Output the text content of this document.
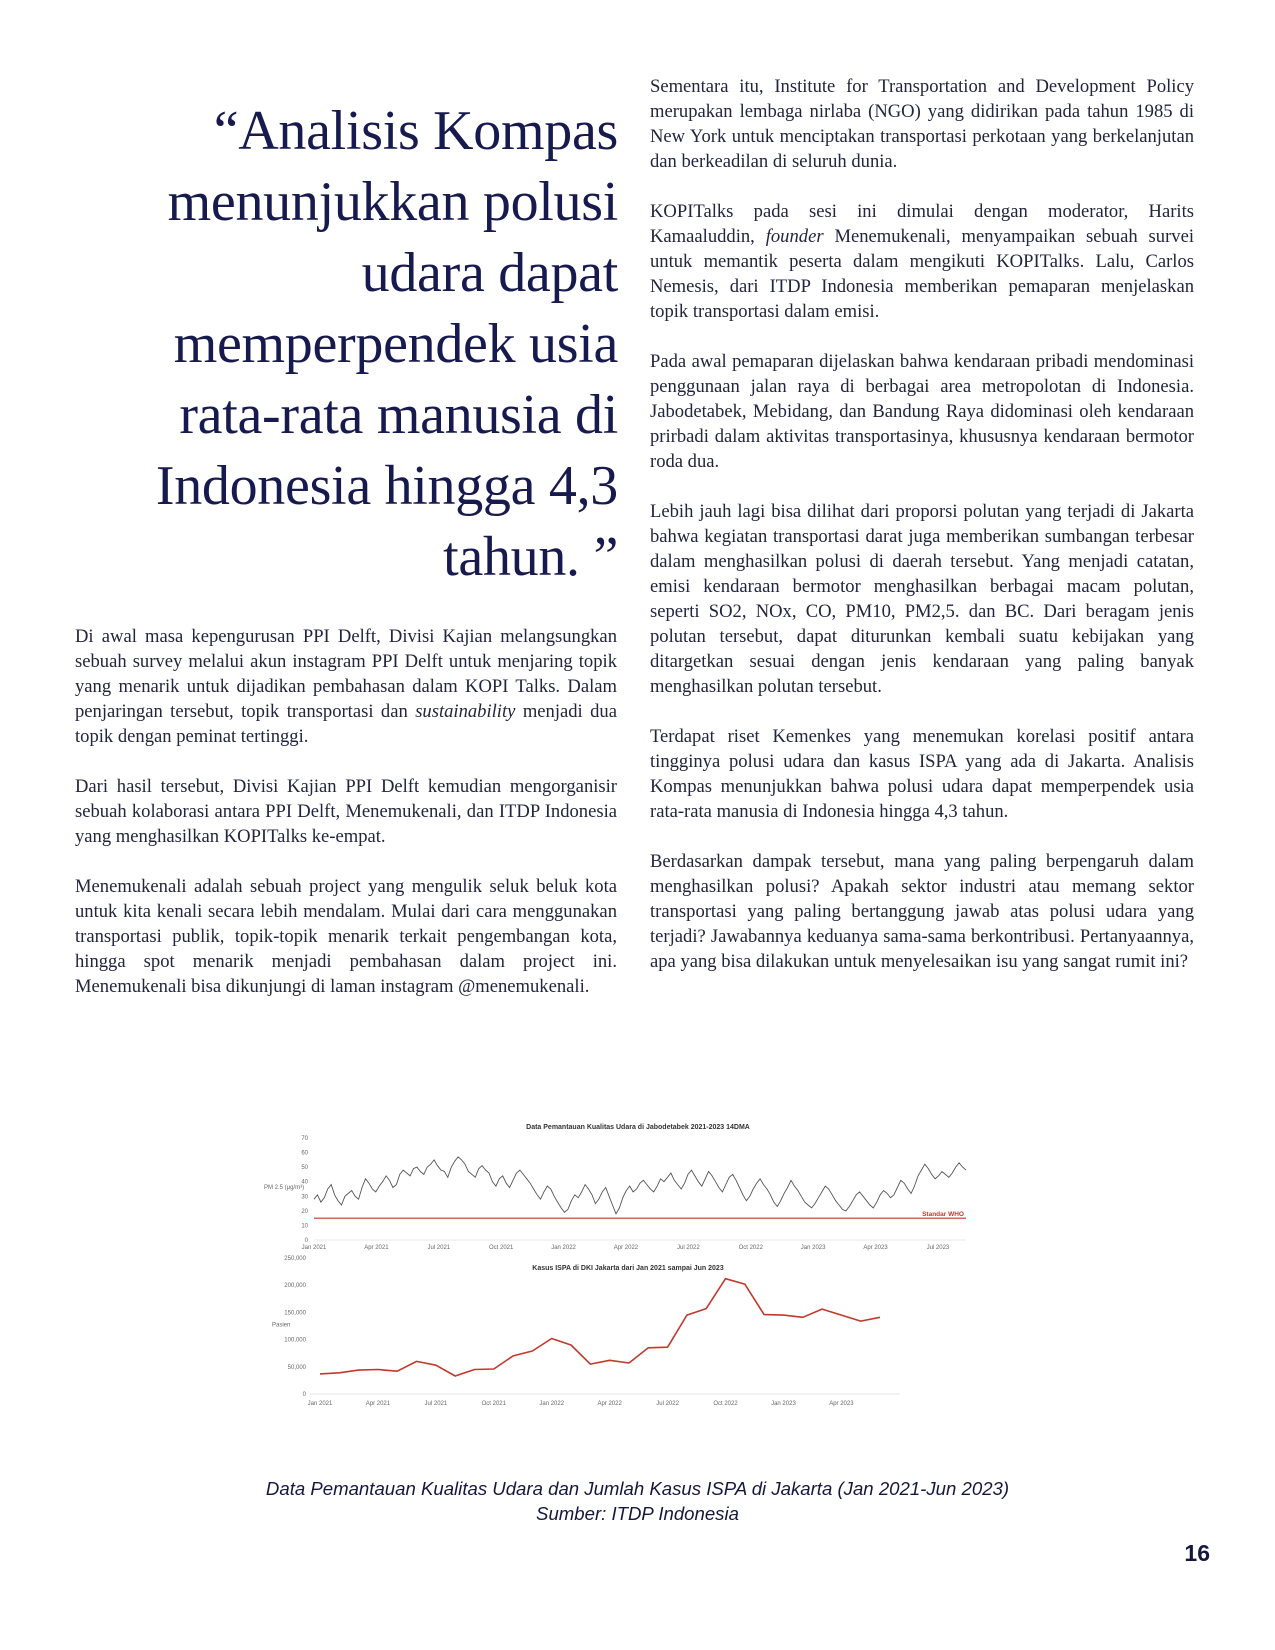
“Analisis Kompas menunjukkan polusi udara dapat memperpendek usia rata-rata manusia di Indonesia hingga 4,3 tahun. ”

Di awal masa kepengurusan PPI Delft, Divisi Kajian melangsungkan sebuah survey melalui akun instagram PPI Delft untuk menjaring topik yang menarik untuk dijadikan pembahasan dalam KOPI Talks. Dalam penjaringan tersebut, topik transportasi dan sustainability menjadi dua topik dengan peminat tertinggi.

Dari hasil tersebut, Divisi Kajian PPI Delft kemudian mengorganisir sebuah kolaborasi antara PPI Delft, Menemukenali, dan ITDP Indonesia yang menghasilkan KOPITalks ke-empat.

Menemukenali adalah sebuah project yang mengulik seluk beluk kota untuk kita kenali secara lebih mendalam. Mulai dari cara menggunakan transportasi publik, topik-topik menarik terkait pengembangan kota, hingga spot menarik menjadi pembahasan dalam project ini. Menemukenali bisa dikunjungi di laman instagram @menemukenali.

Sementara itu, Institute for Transportation and Development Policy merupakan lembaga nirlaba (NGO) yang didirikan pada tahun 1985 di New York untuk menciptakan transportasi perkotaan yang berkelanjutan dan berkeadilan di seluruh dunia.

KOPITalks pada sesi ini dimulai dengan moderator, Harits Kamaaluddin, founder Menemukenali, menyampaikan sebuah survei untuk memantik peserta dalam mengikuti KOPITalks. Lalu, Carlos Nemesis, dari ITDP Indonesia memberikan pemaparan menjelaskan topik transportasi dalam emisi.

Pada awal pemaparan dijelaskan bahwa kendaraan pribadi mendominasi penggunaan jalan raya di berbagai area metropolotan di Indonesia. Jabodetabek, Mebidang, dan Bandung Raya didominasi oleh kendaraan prirbadi dalam aktivitas transportasinya, khususnya kendaraan bermotor roda dua.

Lebih jauh lagi bisa dilihat dari proporsi polutan yang terjadi di Jakarta bahwa kegiatan transportasi darat juga memberikan sumbangan terbesar dalam menghasilkan polusi di daerah tersebut. Yang menjadi catatan, emisi kendaraan bermotor menghasilkan berbagai macam polutan, seperti SO2, NOx, CO, PM10, PM2,5. dan BC. Dari beragam jenis polutan tersebut, dapat diturunkan kembali suatu kebijakan yang ditargetkan sesuai dengan jenis kendaraan yang paling banyak menghasilkan polutan tersebut.

Terdapat riset Kemenkes yang menemukan korelasi positif antara tingginya polusi udara dan kasus ISPA yang ada di Jakarta. Analisis Kompas menunjukkan bahwa polusi udara dapat memperpendek usia rata-rata manusia di Indonesia hingga 4,3 tahun.

Berdasarkan dampak tersebut, mana yang paling berpengaruh dalam menghasilkan polusi? Apakah sektor industri atau memang sektor transportasi yang paling bertanggung jawab atas polusi udara yang terjadi? Jawabannya keduanya sama-sama berkontribusi. Pertanyaannya, apa yang bisa dilakukan untuk menyelesaikan isu yang sangat rumit ini?

Data Pemantauan Kualitas Udara di Jabodetabek 2021-2023 14DMA
0
10
20
30
40
50
60
70
PM 2.5 (μg/m³)
Jan 2021	Apr 2021	Jul 2021	Oct 2021	Jan 2022	Apr 2022	Jul 2022	Oct 2022	Jan 2023	Apr 2023	Jul 2023
Standar WHO
Kasus ISPA di DKI Jakarta dari Jan 2021 sampai Jun 2023
0
50,000
100,000
150,000
200,000
250,000
Pasien
Jan 2021	Apr 2021	Jul 2021	Oct 2021	Jan 2022	Apr 2022	Jul 2022	Oct 2022	Jan 2023	Apr 2023
Data Pemantauan Kualitas Udara dan Jumlah Kasus ISPA di Jakarta (Jan 2021-Jun 2023)
Sumber: ITDP Indonesia
16
